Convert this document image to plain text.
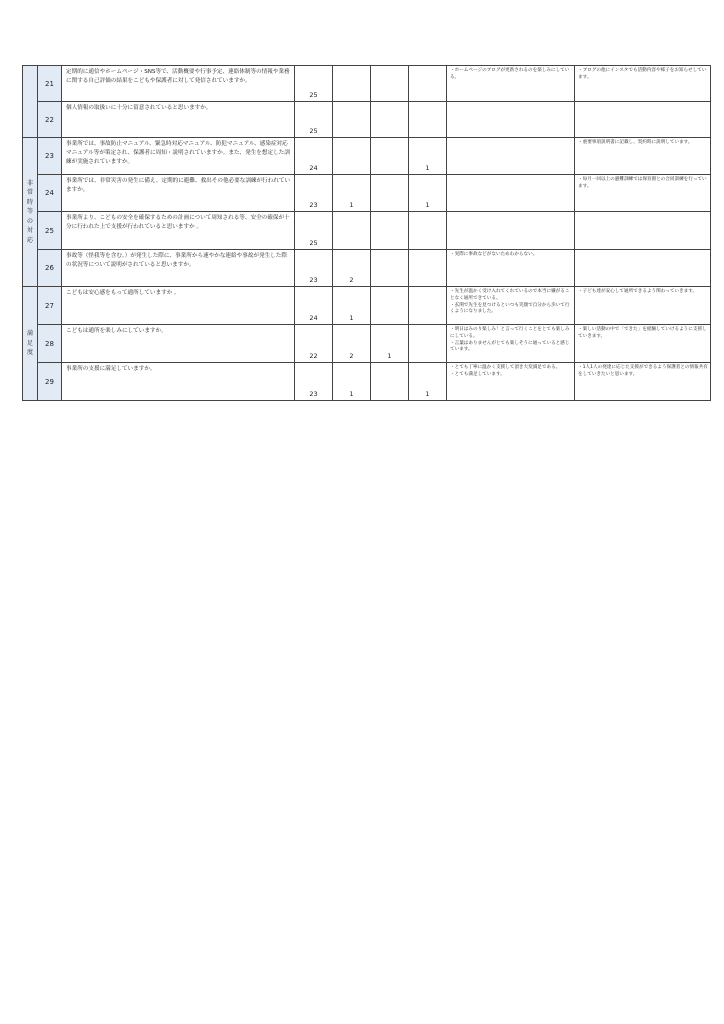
	21	定期的に通信やホームページ・SNS等で、活動概要や行事予定、連絡体制等の情報や業務に関する自己評価の結果をこどもや保護者に対して発信されていますか。	25				・ホームページのブログが更新されるのを楽しみにしている。	・ブログの他にインスタでも活動内容や様子をお知らせしています。
	22	個人情報の取扱いに十分に留意されていると思いますか。	25					
非常時等の対応	23	事業所では、事故防止マニュアル、緊急時対応マニュアル、防犯マニュアル、感染症対応マニュアル等が策定され、保護者に周知・説明されていますか。また、発生を想定した訓練が実施されていますか。	24			1		・重要事項説明書に記載し、契約時に説明しています。
	24	事業所では、非常災害の発生に備え、定期的に避難、救出その他必要な訓練が行われていますか。	23	1		1		・毎月一回以上の避難訓練では保育園との合同訓練を行っています。
	25	事業所より、こどもの安全を確保するための計画について周知される等、安全の確保が十分に行われた上で支援が行われていると思いますか 。	25					
	26	事故等（怪我等を含む。）が発生した際に、事業所から速やかな連絡や事故が発生した際の状況等について説明がされていると思いますか。	23	2			・実際に事故などがないためわからない。	
満足度	27	こどもは安心感をもって通所していますか 。	24	1			・先生が温かく受け入れてくれているので本当に嫌がることなく通所できている。
・玄関で先生を見つけるといつも笑顔で自分から歩いて行くようになりました。	・子ども達が安心して通所できるよう関わっていきます。
	28	こどもは通所を楽しみにしていますか。	22	2	1		・明日はみのり楽しみ！と言って行くことをとても楽しみにしている。
・言葉はありませんがとても楽しそうに通っていると感じています。	・楽しい活動の中で「できた」を経験していけるように支援していきます。
	29	事業所の支援に満足していますか。	23	1		1	・とても丁寧に温かく支援して頂き大変満足である。
・とても満足しています。	・1人1人の発達に応じた支援ができるよう保護者との情報共有をしていきたいと思います。
